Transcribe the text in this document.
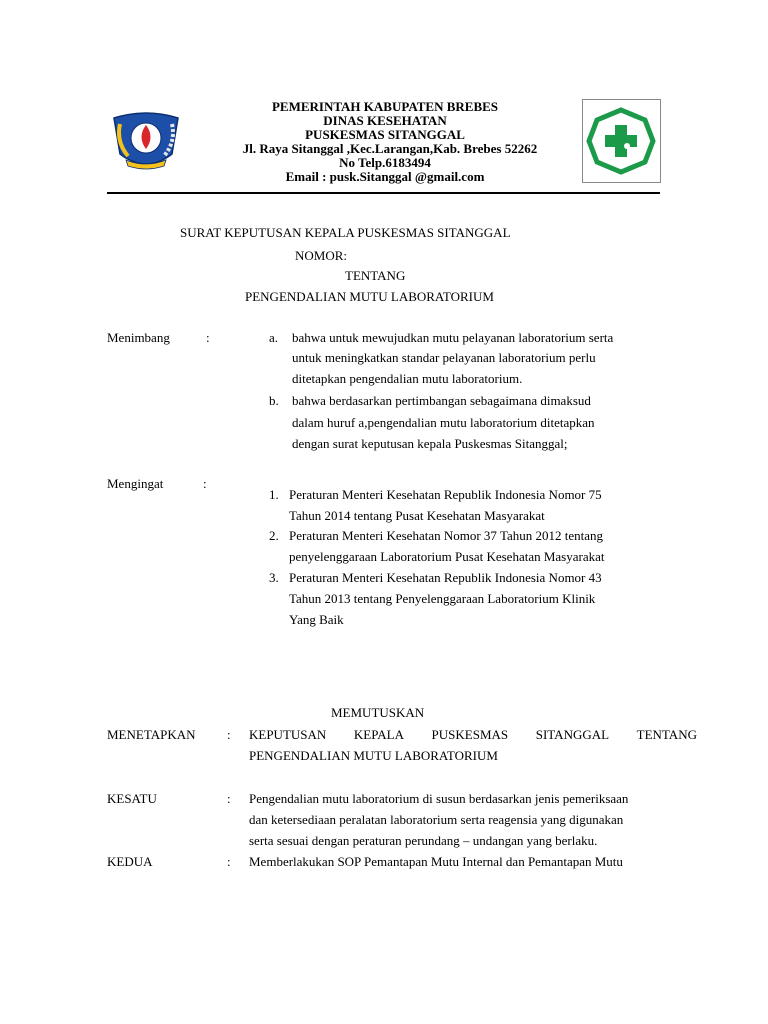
PEMERINTAH KABUPATEN BREBES
DINAS KESEHATAN
PUSKESMAS SITANGGAL
Jl. Raya Sitanggal ,Kec.Larangan,Kab. Brebes 52262
No Telp.6183494
Email : pusk.Sitanggal @gmail.com
SURAT KEPUTUSAN KEPALA PUSKESMAS SITANGGAL
NOMOR:
TENTANG
PENGENDALIAN MUTU LABORATORIUM
Menimbang	:	a. bahwa untuk mewujudkan mutu pelayanan laboratorium serta
untuk meningkatkan standar pelayanan laboratorium perlu
ditetapkan pengendalian mutu laboratorium.
b. bahwa berdasarkan pertimbangan sebagaimana dimaksud
dalam huruf a,pengendalian mutu laboratorium ditetapkan
dengan surat keputusan kepala Puskesmas Sitanggal;
Mengingat	:
1. Peraturan Menteri Kesehatan Republik Indonesia Nomor 75
Tahun 2014 tentang Pusat Kesehatan Masyarakat
2. Peraturan Menteri Kesehatan Nomor 37 Tahun 2012 tentang
penyelenggaraan Laboratorium Pusat Kesehatan Masyarakat
3. Peraturan Menteri Kesehatan Republik Indonesia Nomor 43
Tahun 2013 tentang Penyelenggaraan Laboratorium Klinik
Yang Baik
MEMUTUSKAN
MENETAPKAN : KEPUTUSAN KEPALA PUSKESMAS SITANGGAL TENTANG
PENGENDALIAN MUTU LABORATORIUM
KESATU	: Pengendalian mutu laboratorium di susun berdasarkan jenis pemeriksaan
dan ketersediaan peralatan laboratorium serta reagensia yang digunakan
serta sesuai dengan peraturan perundang – undangan yang berlaku.
KEDUA	: Memberlakukan SOP Pemantapan Mutu Internal dan Pemantapan Mutu
